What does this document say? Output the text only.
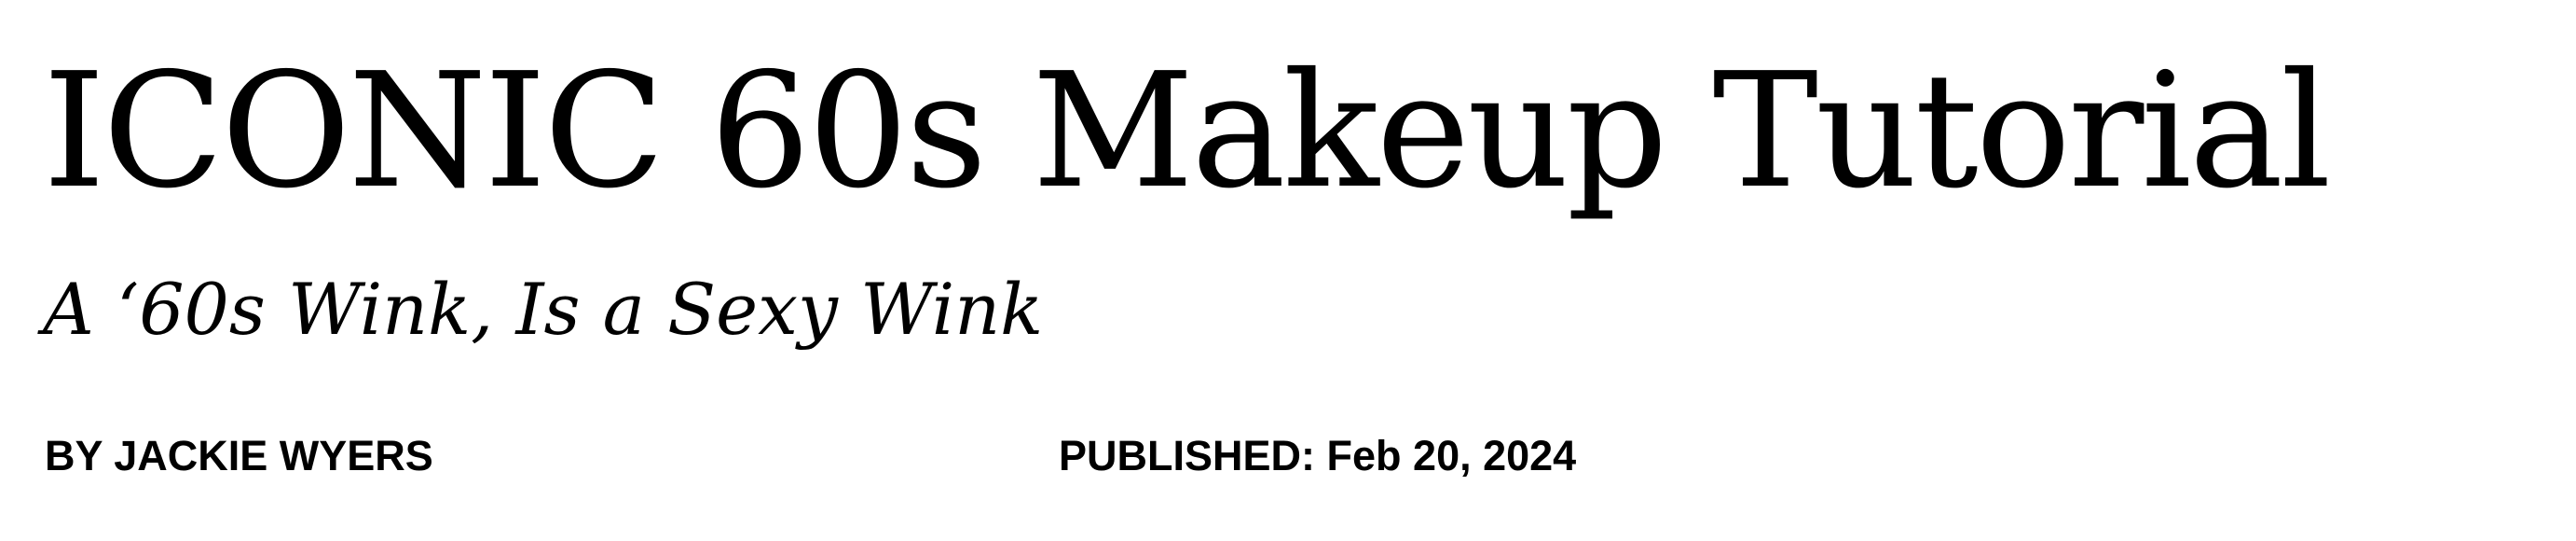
ICONIC 60s Makeup Tutorial

A ‘60s Wink, Is a Sexy Wink

BY JACKIE WYERS	PUBLISHED: Feb 20, 2024
